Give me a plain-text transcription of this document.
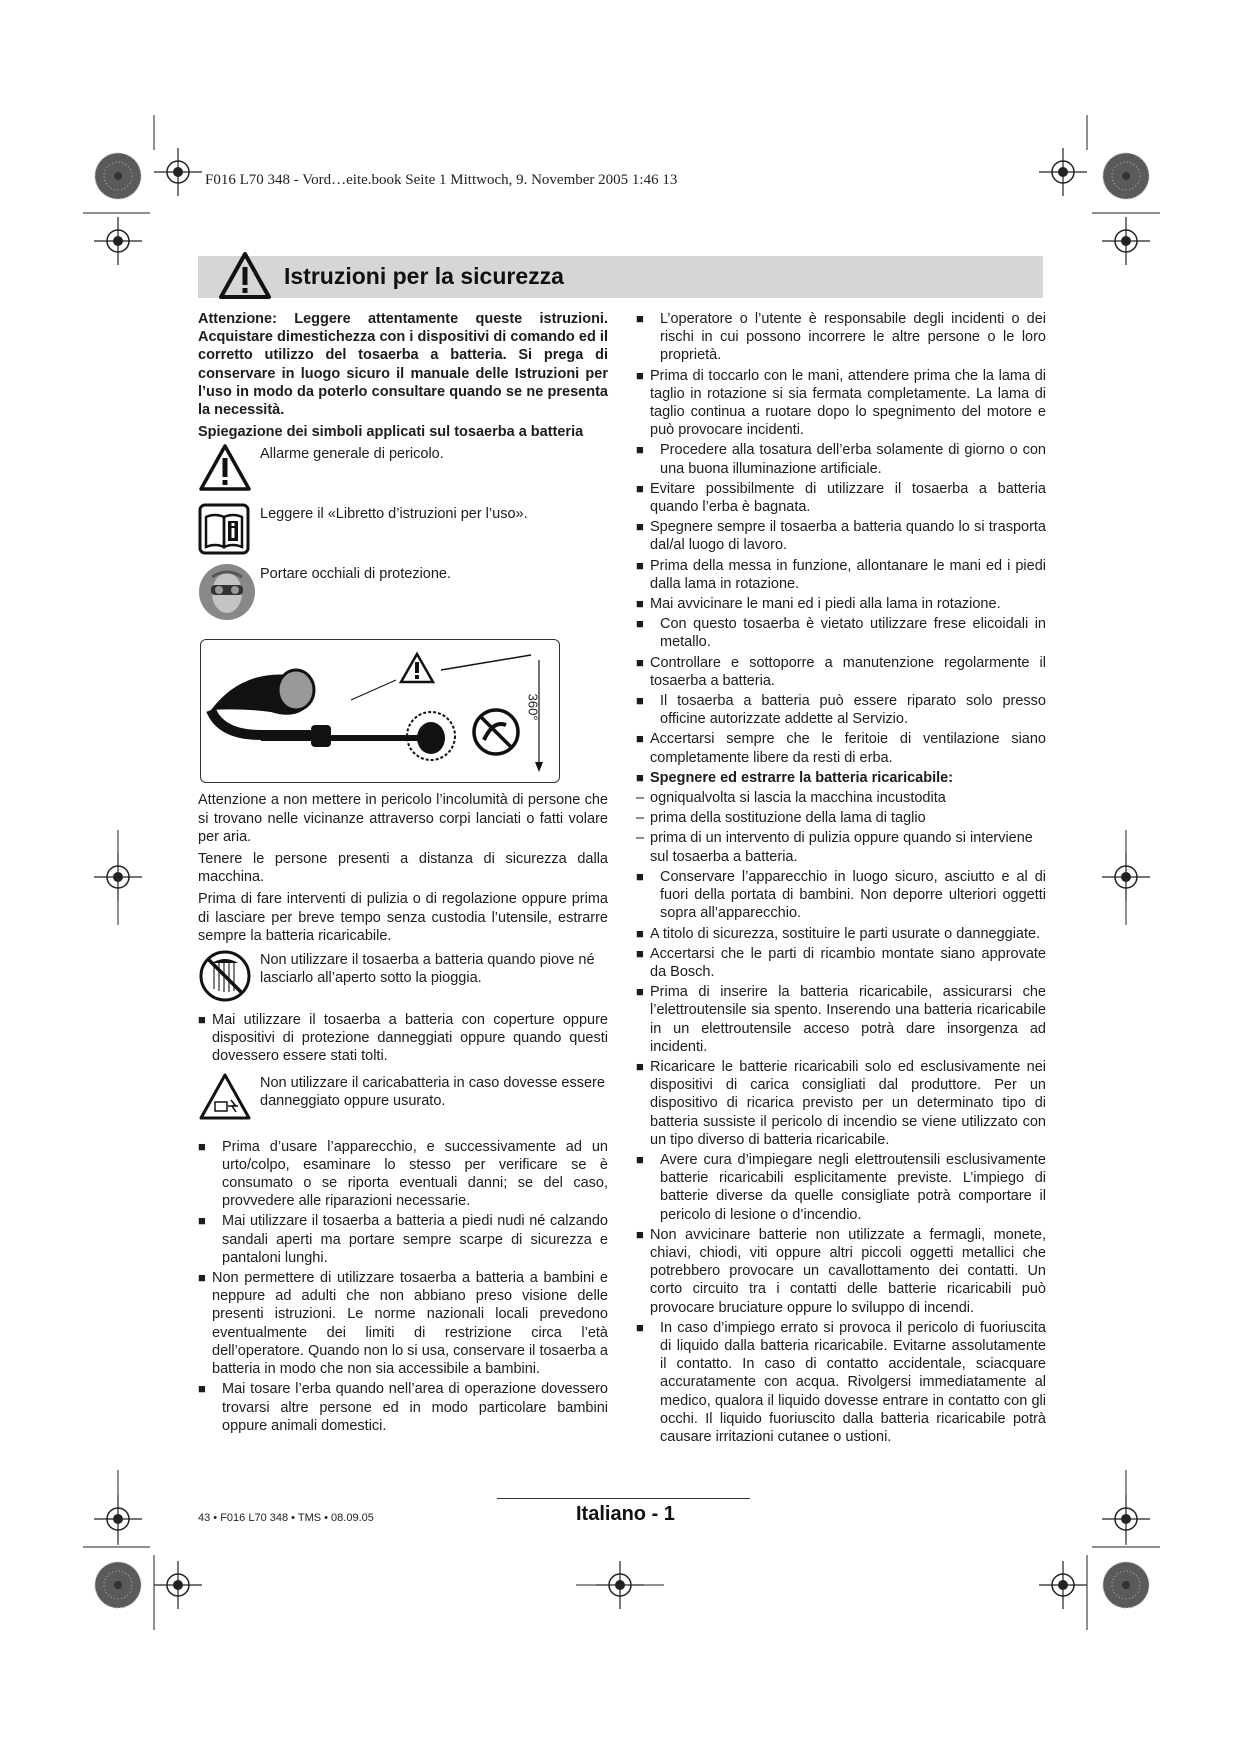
F016 L70 348 - Vord…eite.book Seite 1 Mittwoch, 9. November 2005 1:46 13
Istruzioni per la sicurezza

Attenzione: Leggere attentamente queste istruzioni. Acquistare dimestichezza con i dispositivi di comando ed il corretto utilizzo del tosaerba a batteria. Si prega di conservare in luogo sicuro il manuale delle Istruzioni per l’uso in modo da poterlo consultare quando se ne presenta la necessità.

Spiegazione dei simboli applicati sul tosaerba a batteria

Allarme generale di pericolo.
Leggere il «Libretto d’istruzioni per l’uso».
Portare occhiali di protezione.
360°

Attenzione a non mettere in pericolo l’incolumità di persone che si trovano nelle vicinanze attraverso corpi lanciati o fatti volare per aria.

Tenere le persone presenti a distanza di sicurezza dalla macchina.

Prima di fare interventi di pulizia o di regolazione oppure prima di lasciare per breve tempo senza custodia l’utensile, estrarre sempre la batteria ricaricabile.

Non utilizzare il tosaerba a batteria quando piove né lasciarlo all’aperto sotto la pioggia.
■ Mai utilizzare il tosaerba a batteria con coperture oppure dispositivi di protezione danneggiati oppure quando questi dovessero essere stati tolti.
Non utilizzare il caricabatteria in caso dovesse essere danneggiato oppure usurato.
■	Prima d’usare l’apparecchio, e successivamente ad un urto/colpo, esaminare lo stesso per verificare se è consumato o se riporta eventuali danni; se del caso, provvedere alle riparazioni necessarie.
■	Mai utilizzare il tosaerba a batteria a piedi nudi né calzando sandali aperti ma portare sempre scarpe di sicurezza e pantaloni lunghi.
■ Non permettere di utilizzare tosaerba a batteria a bambini e neppure ad adulti che non abbiano preso visione delle presenti istruzioni. Le norme nazionali locali prevedono eventualmente dei limiti di restrizione circa l’età dell’operatore. Quando non lo si usa, conservare il tosaerba a batteria in modo che non sia accessibile a bambini.
■	Mai tosare l’erba quando nell’area di operazione dovessero trovarsi altre persone ed in modo particolare bambini oppure animali domestici.
■	L’operatore o l’utente è responsabile degli incidenti o dei rischi in cui possono incorrere le altre persone o le loro proprietà.
■ Prima di toccarlo con le mani, attendere prima che la lama di taglio in rotazione si sia fermata completamente. La lama di taglio continua a ruotare dopo lo spegnimento del motore e può provocare incidenti.
■	Procedere alla tosatura dell’erba solamente di giorno o con una buona illuminazione artificiale.
■ Evitare possibilmente di utilizzare il tosaerba a batteria quando l’erba è bagnata.
■ Spegnere sempre il tosaerba a batteria quando lo si trasporta dal/al luogo di lavoro.
■ Prima della messa in funzione, allontanare le mani ed i piedi dalla lama in rotazione.
■ Mai avvicinare le mani ed i piedi alla lama in rotazione.
■	Con questo tosaerba è vietato utilizzare frese elicoidali in metallo.
■ Controllare e sottoporre a manutenzione regolarmente il tosaerba a batteria.
■	Il tosaerba a batteria può essere riparato solo presso officine autorizzate addette al Servizio.
■ Accertarsi sempre che le feritoie di ventilazione siano completamente libere da resti di erba.
■ Spegnere ed estrarre la batteria ricaricabile:
– ogniqualvolta si lascia la macchina incustodita
– prima della sostituzione della lama di taglio
– prima di un intervento di pulizia oppure quando si interviene sul tosaerba a batteria.
■	Conservare l’apparecchio in luogo sicuro, asciutto e al di fuori della portata di bambini. Non deporre ulteriori oggetti sopra all’apparecchio.
■ A titolo di sicurezza, sostituire le parti usurate o danneggiate.
■ Accertarsi che le parti di ricambio montate siano approvate da Bosch.
■ Prima di inserire la batteria ricaricabile, assicurarsi che l’elettroutensile sia spento. Inserendo una batteria ricaricabile in un elettroutensile acceso potrà dare insorgenza ad incidenti.
■ Ricaricare le batterie ricaricabili solo ed esclusivamente nei dispositivi di carica consigliati dal produttore. Per un dispositivo di ricarica previsto per un determinato tipo di batteria sussiste il pericolo di incendio se viene utilizzato con un tipo diverso di batteria ricaricabile.
■	Avere cura d’impiegare negli elettroutensili esclusivamente batterie ricaricabili esplicitamente previste. L’impiego di batterie diverse da quelle consigliate potrà comportare il pericolo di lesione o d’incendio.
■ Non avvicinare batterie non utilizzate a fermagli, monete, chiavi, chiodi, viti oppure altri piccoli oggetti metallici che potrebbero provocare un cavallottamento dei contatti. Un corto circuito tra i contatti delle batterie ricaricabili può provocare bruciature oppure lo sviluppo di incendi.
■	In caso d’impiego errato si provoca il pericolo di fuoriuscita di liquido dalla batteria ricaricabile. Evitarne assolutamente il contatto. In caso di contatto accidentale, sciacquare accuratamente con acqua. Rivolgersi immediatamente al medico, qualora il liquido dovesse entrare in contatto con gli occhi. Il liquido fuoriuscito dalla batteria ricaricabile potrà causare irritazioni cutanee o ustioni.
43 • F016 L70 348 • TMS • 08.09.05	Italiano - 1
